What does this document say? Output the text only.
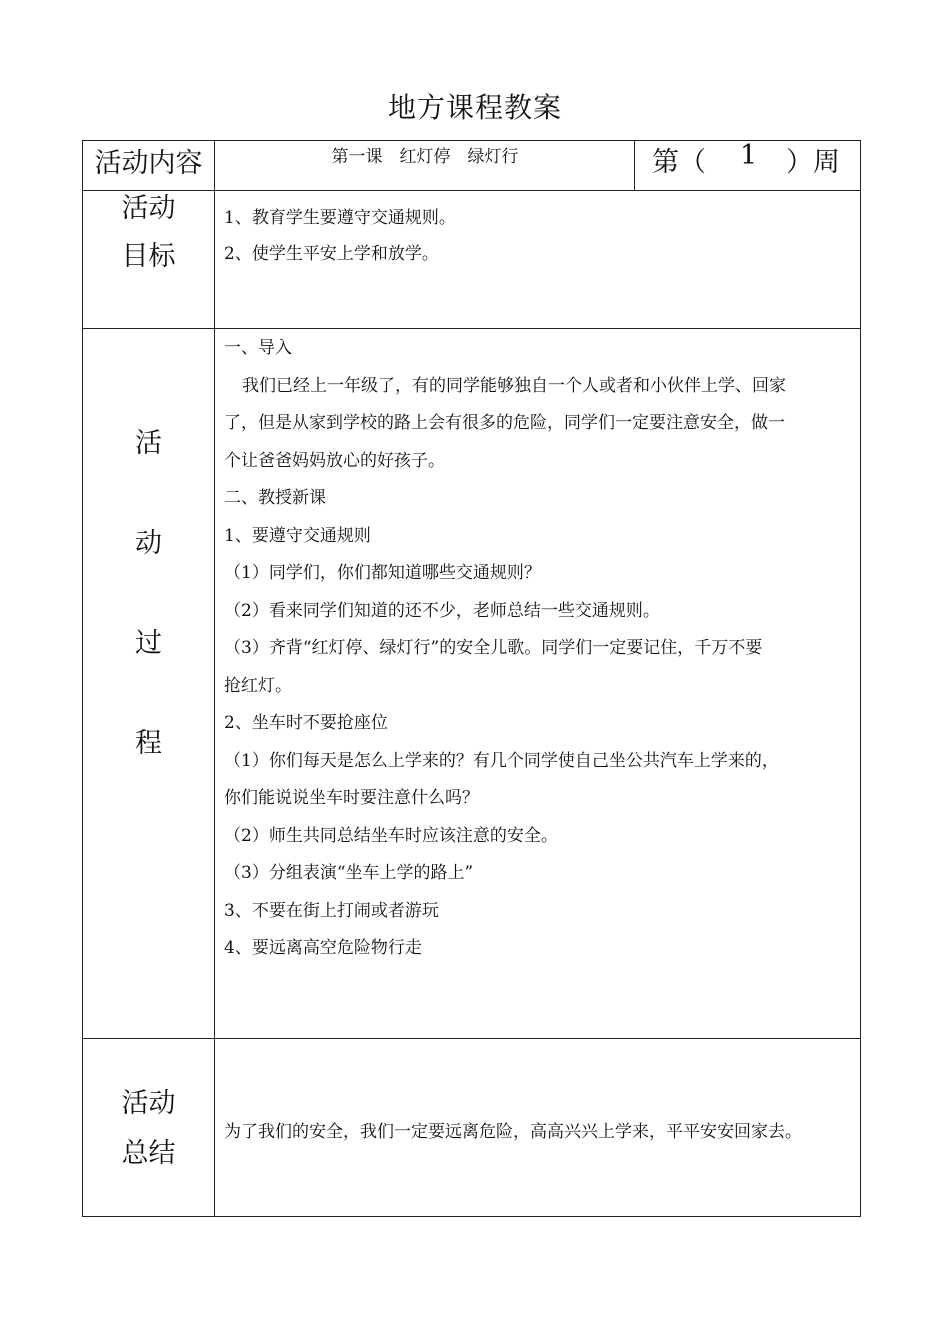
地方课程教案
活动内容	第一课　红灯停　绿灯行	第（ 1 ）周
活动
目标

1、教育学生要遵守交通规则。

2、使学生平安上学和放学。

活
动
过
程

一、导入

我们已经上一年级了，有的同学能够独自一个人或者和小伙伴上学、回家

了，但是从家到学校的路上会有很多的危险，同学们一定要注意安全，做一

个让爸爸妈妈放心的好孩子。

二、教授新课

1、要遵守交通规则

（1）同学们，你们都知道哪些交通规则？

（2）看来同学们知道的还不少，老师总结一些交通规则。

（3）齐背“红灯停、绿灯行”的安全儿歌。同学们一定要记住，千万不要

抢红灯。

2、坐车时不要抢座位

（1）你们每天是怎么上学来的？有几个同学使自己坐公共汽车上学来的，

你们能说说坐车时要注意什么吗？

（2）师生共同总结坐车时应该注意的安全。

（3）分组表演“坐车上学的路上”

3、不要在街上打闹或者游玩

4、要远离高空危险物行走

活动
总结

为了我们的安全，我们一定要远离危险，高高兴兴上学来，平平安安回家去。
